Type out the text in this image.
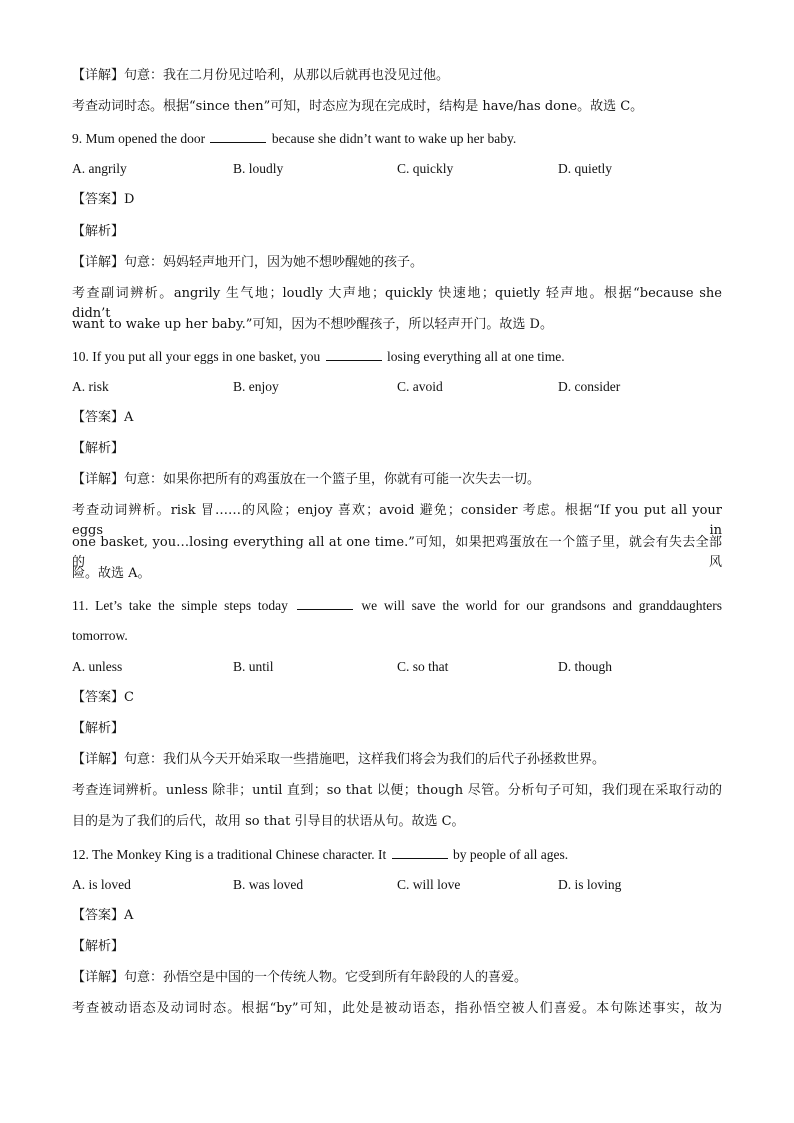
【详解】句意：我在二月份见过哈利，从那以后就再也没见过他。
考查动词时态。根据“since then”可知，时态应为现在完成时，结构是 have/has done。故选 C。
9. Mum opened the door	because she didn’t want to wake up her baby.
A. angrily	B. loudly	C. quickly	D. quietly
【答案】D
【解析】
【详解】句意：妈妈轻声地开门，因为她不想吵醒她的孩子。
考查副词辨析。angrily 生气地；loudly 大声地；quickly 快速地；quietly 轻声地。根据“because she didn’t
want to wake up her baby.”可知，因为不想吵醒孩子，所以轻声开门。故选 D。
10. If you put all your eggs in one basket, you	losing everything all at one time.
A. risk	B. enjoy	C. avoid	D. consider
【答案】A
【解析】
【详解】句意：如果你把所有的鸡蛋放在一个篮子里，你就有可能一次失去一切。
考查动词辨析。risk 冒……的风险；enjoy 喜欢；avoid 避免；consider 考虑。根据“If you put all your eggs in
one basket, you…losing everything all at one time.”可知，如果把鸡蛋放在一个篮子里，就会有失去全部的风
险。故选 A。
11. Let’s take the simple steps today	we will save the world for our grandsons and granddaughters
tomorrow.
A. unless	B. until	C. so that	D. though
【答案】C
【解析】
【详解】句意：我们从今天开始采取一些措施吧，这样我们将会为我们的后代子孙拯救世界。
考查连词辨析。unless 除非；until 直到；so that 以便；though 尽管。分析句子可知，我们现在采取行动的
目的是为了我们的后代，故用 so that 引导目的状语从句。故选 C。
12. The Monkey King is a traditional Chinese character. It	by people of all ages.
A. is loved	B. was loved	C. will love	D. is loving
【答案】A
【解析】
【详解】句意：孙悟空是中国的一个传统人物。它受到所有年龄段的人的喜爱。
考查被动语态及动词时态。根据“by”可知，此处是被动语态，指孙悟空被人们喜爱。本句陈述事实，故为
